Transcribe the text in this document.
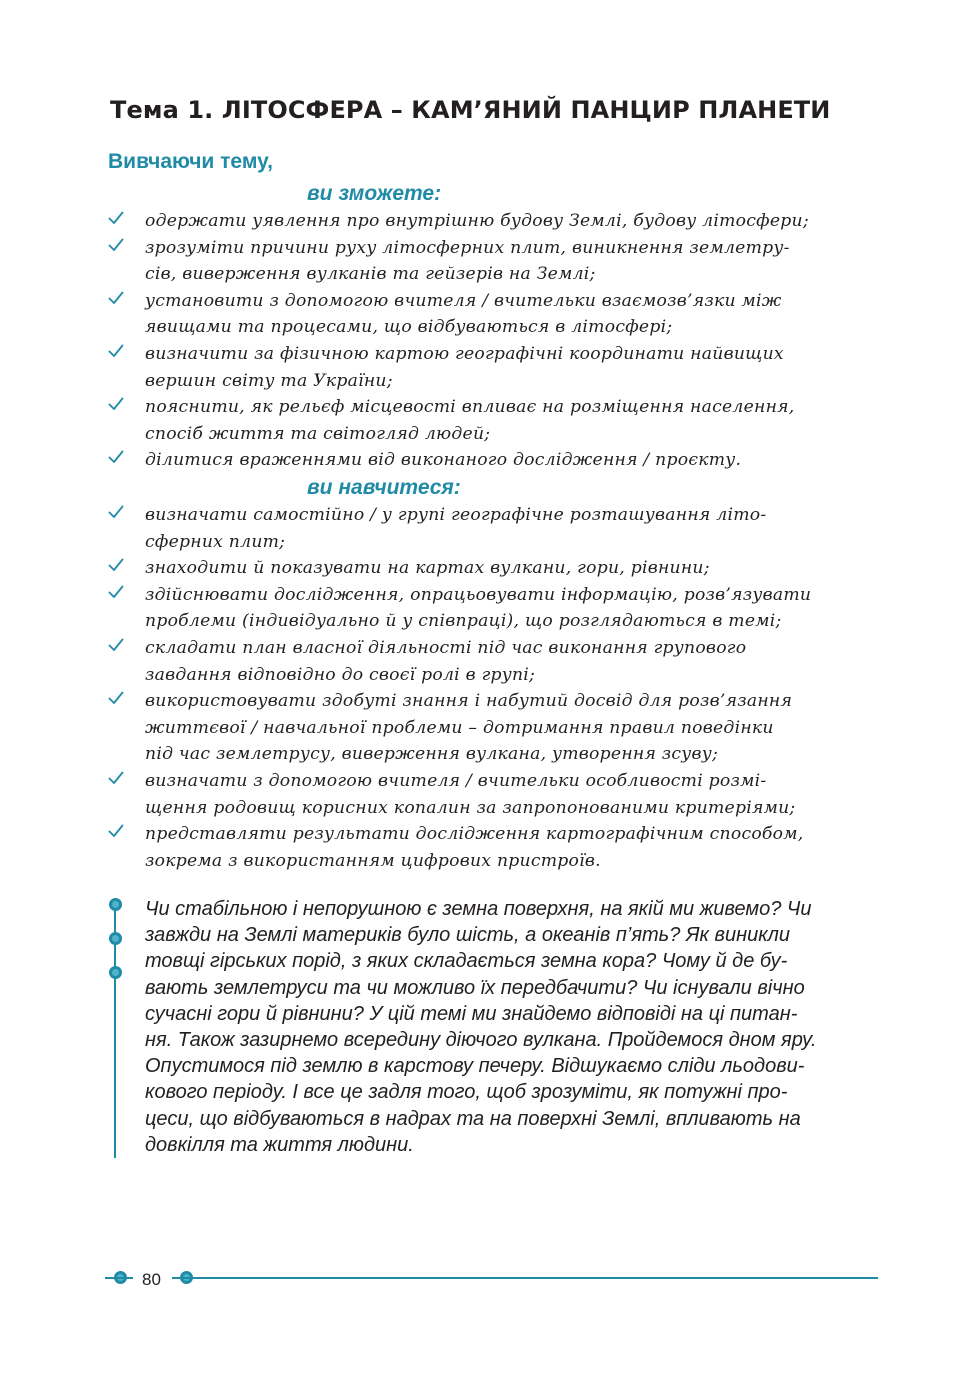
Тема 1. ЛІТОСФЕРА – КАМ’ЯНИЙ ПАНЦИР ПЛАНЕТИ
Вивчаючи тему,
ви зможете:
одержати уявлення про внутрішню будову Землі, будову літосфери;
зрозуміти причини руху літосферних плит, виникнення землетру-
сів, виверження вулканів та гейзерів на Землі;
установити з допомогою вчителя / вчительки взаємозв’язки між
явищами та процесами, що відбуваються в літосфері;
визначити за фізичною картою географічні координати найвищих
вершин світу та України;
пояснити, як рельєф місцевості впливає на розміщення населення,
спосіб життя та світогляд людей;
ділитися враженнями від виконаного дослідження / проєкту.
ви навчитеся:
визначати самостійно / у групі географічне розташування літо-
сферних плит;
знаходити й показувати на картах вулкани, гори, рівнини;
здійснювати дослідження, опрацьовувати інформацію, розв’язувати
проблеми (індивідуально й у співпраці), що розглядаються в темі;
складати план власної діяльності під час виконання групового
завдання відповідно до своєї ролі в групі;
використовувати здобуті знання і набутий досвід для розв’язання
життєвої / навчальної проблеми – дотримання правил поведінки
під час землетрусу, виверження вулкана, утворення зсуву;
визначати з допомогою вчителя / вчительки особливості розмі-
щення родовищ корисних копалин за запропонованими критеріями;
представляти результати дослідження картографічним способом,
зокрема з використанням цифрових пристроїв.
Чи стабільною і непорушною є земна поверхня, на якій ми живемо? Чи
завжди на Землі материків було шість, а океанів п’ять? Як виникли
товщі гірських порід, з яких складається земна кора? Чому й де бу-
вають землетруси та чи можливо їх передбачити? Чи існували вічно
сучасні гори й рівнини? У цій темі ми знайдемо відповіді на ці питан-
ня. Також зазирнемо всередину діючого вулкана. Пройдемося дном яру.
Опустимося під землю в карстову печеру. Відшукаємо сліди льодови-
кового періоду. І все це задля того, щоб зрозуміти, як потужні про-
цеси, що відбуваються в надрах та на поверхні Землі, впливають на
довкілля та життя людини.
80
